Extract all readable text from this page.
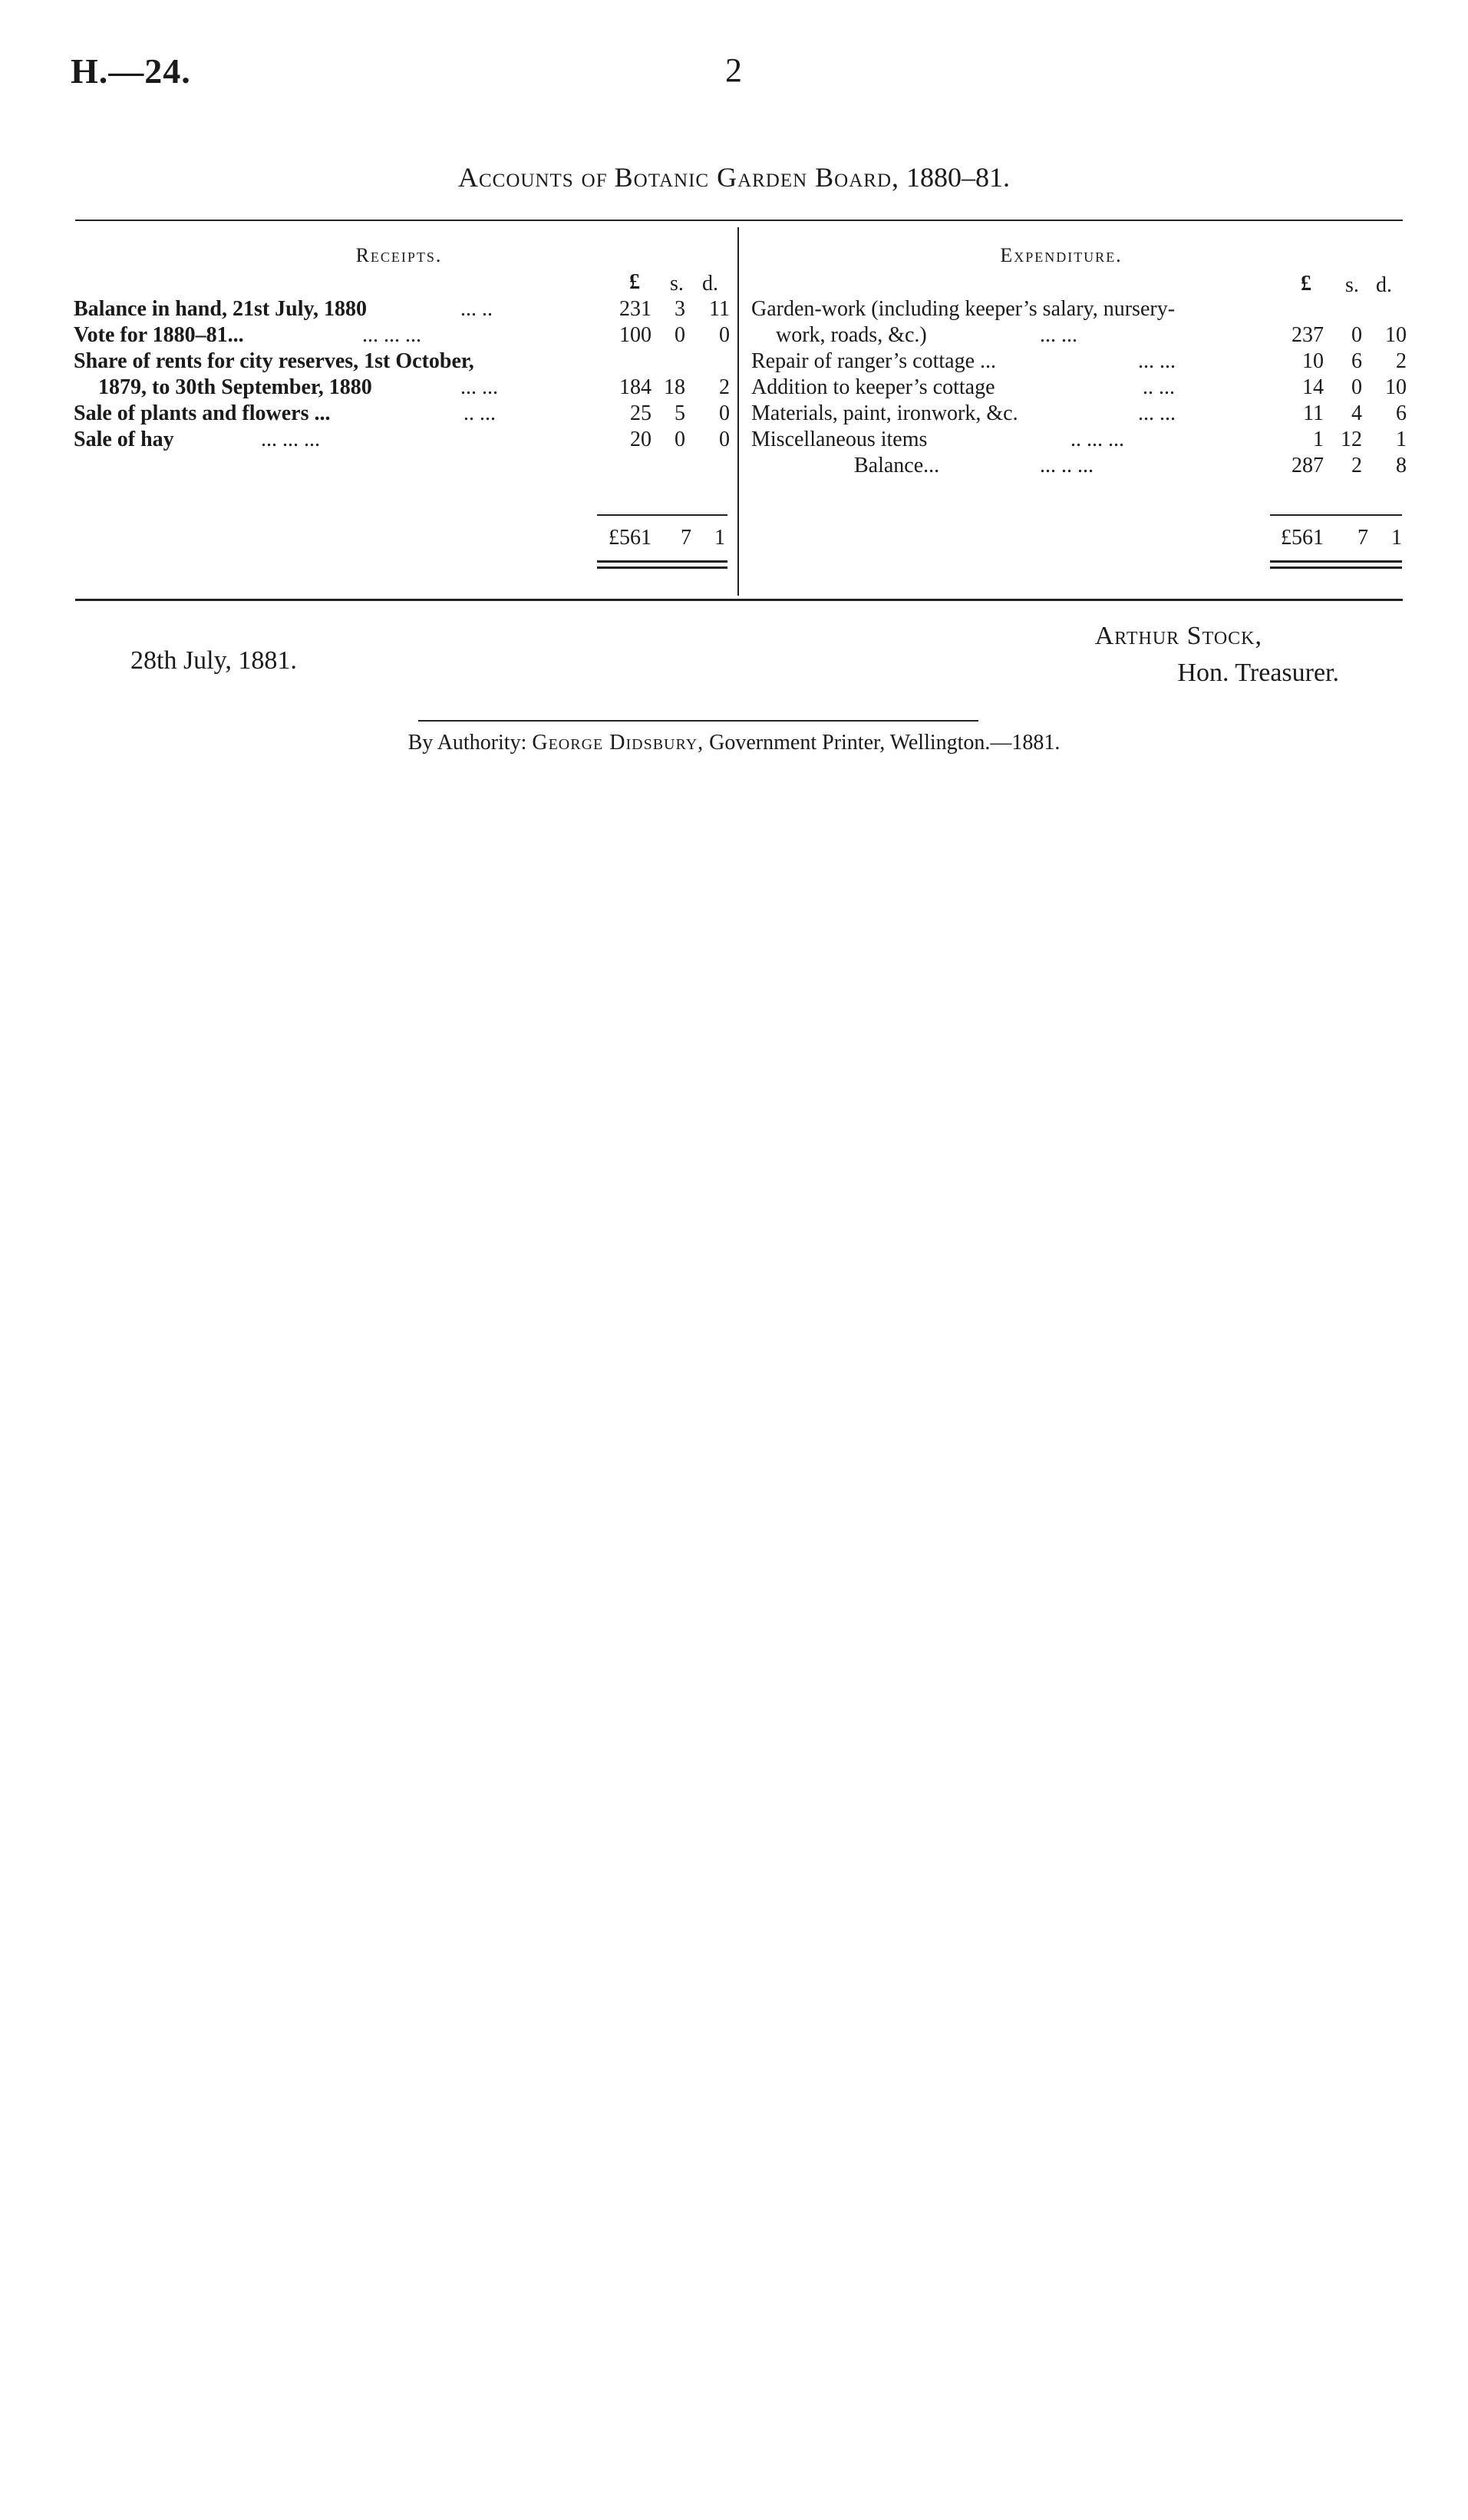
H.—24.	2
Accounts of Botanic Garden Board, 1880–81.
Receipts.
£ s. d.
Balance in hand, 21st July, 1880	... ..	231 3 11
Vote for 1880–81...	... ... ...	100 0 0
Share of rents for city reserves, 1st October,
1879, to 30th September, 1880	... ...	184 18 2
Sale of plants and flowers ...	.. ...	25 5 0
Sale of hay	... ... ...	20 0 0
£561 7 1
Expenditure.
£ s. d.
Garden-work (including keeper’s salary, nursery-
work, roads, &c.)	... ...	237 0 10
Repair of ranger’s cottage ...	... ...	10 6 2
Addition to keeper’s cottage	.. ...	14 0 10
Materials, paint, ironwork, &c.	... ...	11 4 6
Miscellaneous items	.. ... ...	1 12 1
Balance...	... .. ...	287 2 8
£561 7 1
Arthur Stock,
Hon. Treasurer.
28th July, 1881.
By Authority: George Didsbury, Government Printer, Wellington.—1881.
